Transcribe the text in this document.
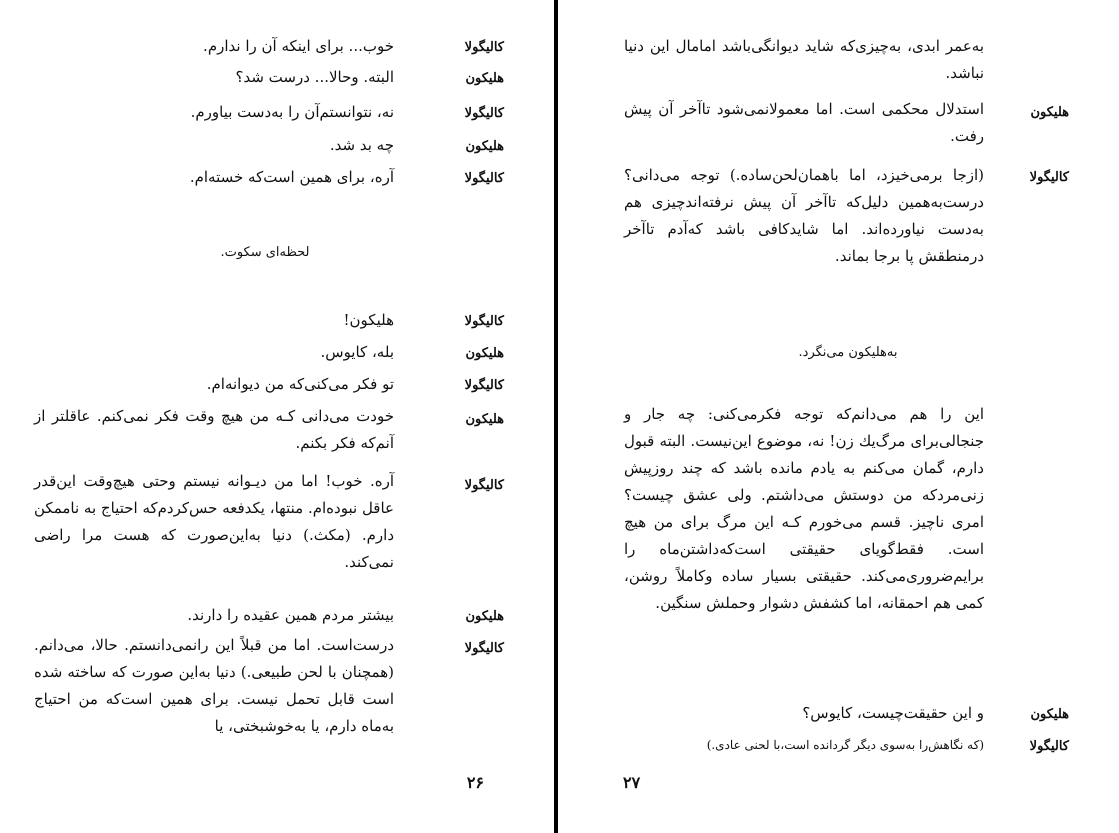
کالیگولا
خوب... برای اینکه آن را ندارم.
هلیکون
البته. وحالا... درست شد؟
کالیگولا
نه، نتوانستم‌آن را به‌دست بیاورم.
هلیکون
چه بد شد.
کالیگولا
آره، برای همین است‌که خسته‌ام.
لحظه‌ای سکوت.
کالیگولا
هلیکون!
هلیکون
بله، کایوس.
کالیگولا
تو فکر می‌کنی‌که من دیوانه‌ام.
هلیکون
خودت می‌دانی کـه من هیچ وقت فکر نمی‌کنم. عاقلتر از آنم‌که فکر بکنم.
کالیگولا
آره. خوب! اما من دیـوانه نیستم وحتی هیچ‌وقت این‌قدر عاقل نبوده‌ام. منتها، یکدفعه حس‌کردم‌که احتیاج به ناممکن دارم. (مکث.) دنیا به‌این‌صورت که هست مرا راضی نمی‌کند.
هلیکون
بیشتر مردم همین عقیده را دارند.
کالیگولا
درست‌است. اما من قبلاً این رانمی‌دانستم. حالا، می‌دانم. (همچنان با لحن طبیعی.) دنیا به‌این صورت که ساخته شده است قابل تحمل نیست. برای همین است‌که من احتیاج به‌ماه دارم، یا به‌خوشبختی، یا
۲۶
به‌عمر ابدی، به‌چیزی‌که شاید دیوانگی‌باشد امامال این دنیا نباشد.
هلیکون
استدلال محکمی است. اما معمولا‌نمی‌شود تاآخر آن پیش رفت.
کالیگولا
(ازجا برمی‌خیزد، اما باهمان‌لحن‌ساده.) توجه می‌دانی؟ درست‌به‌همین دلیل‌که تاآخر آن پیش نرفته‌اند‌چیزی هم به‌دست نیاورده‌اند. اما شاید‌کافی باشد که‌آدم تاآخر درمنطقش پا برجا بماند.
به‌هلیکون می‌نگرد.
این را هم می‌دانم‌که توجه فکرمی‌کنی: چه جار و جنجالی‌برای مرگ‌یك زن! نه، موضوع این‌نیست. البته قبول دارم، گمان می‌کنم به یادم مانده باشد که چند روزپیش زنی‌مرد‌که من دوستش می‌داشتم. ولی عشق چیست؟ امری ناچیز. قسم می‌خورم کـه این مرگ برای من هیچ است. فقط‌گویای حقیقتی است‌که‌داشتن‌ماه را برایم‌ضروری‌می‌کند. حقیقتی بسیار ساده وکاملاً روشن، کمی هم احمقانه، اما کشفش دشوار وحملش سنگین.
هلیکون
و این حقیقت‌چیست، کایوس؟
کالیگولا
(که نگاهش‌را به‌سوی دیگر گردانده است،با لحنی عادی.)
۲۷
